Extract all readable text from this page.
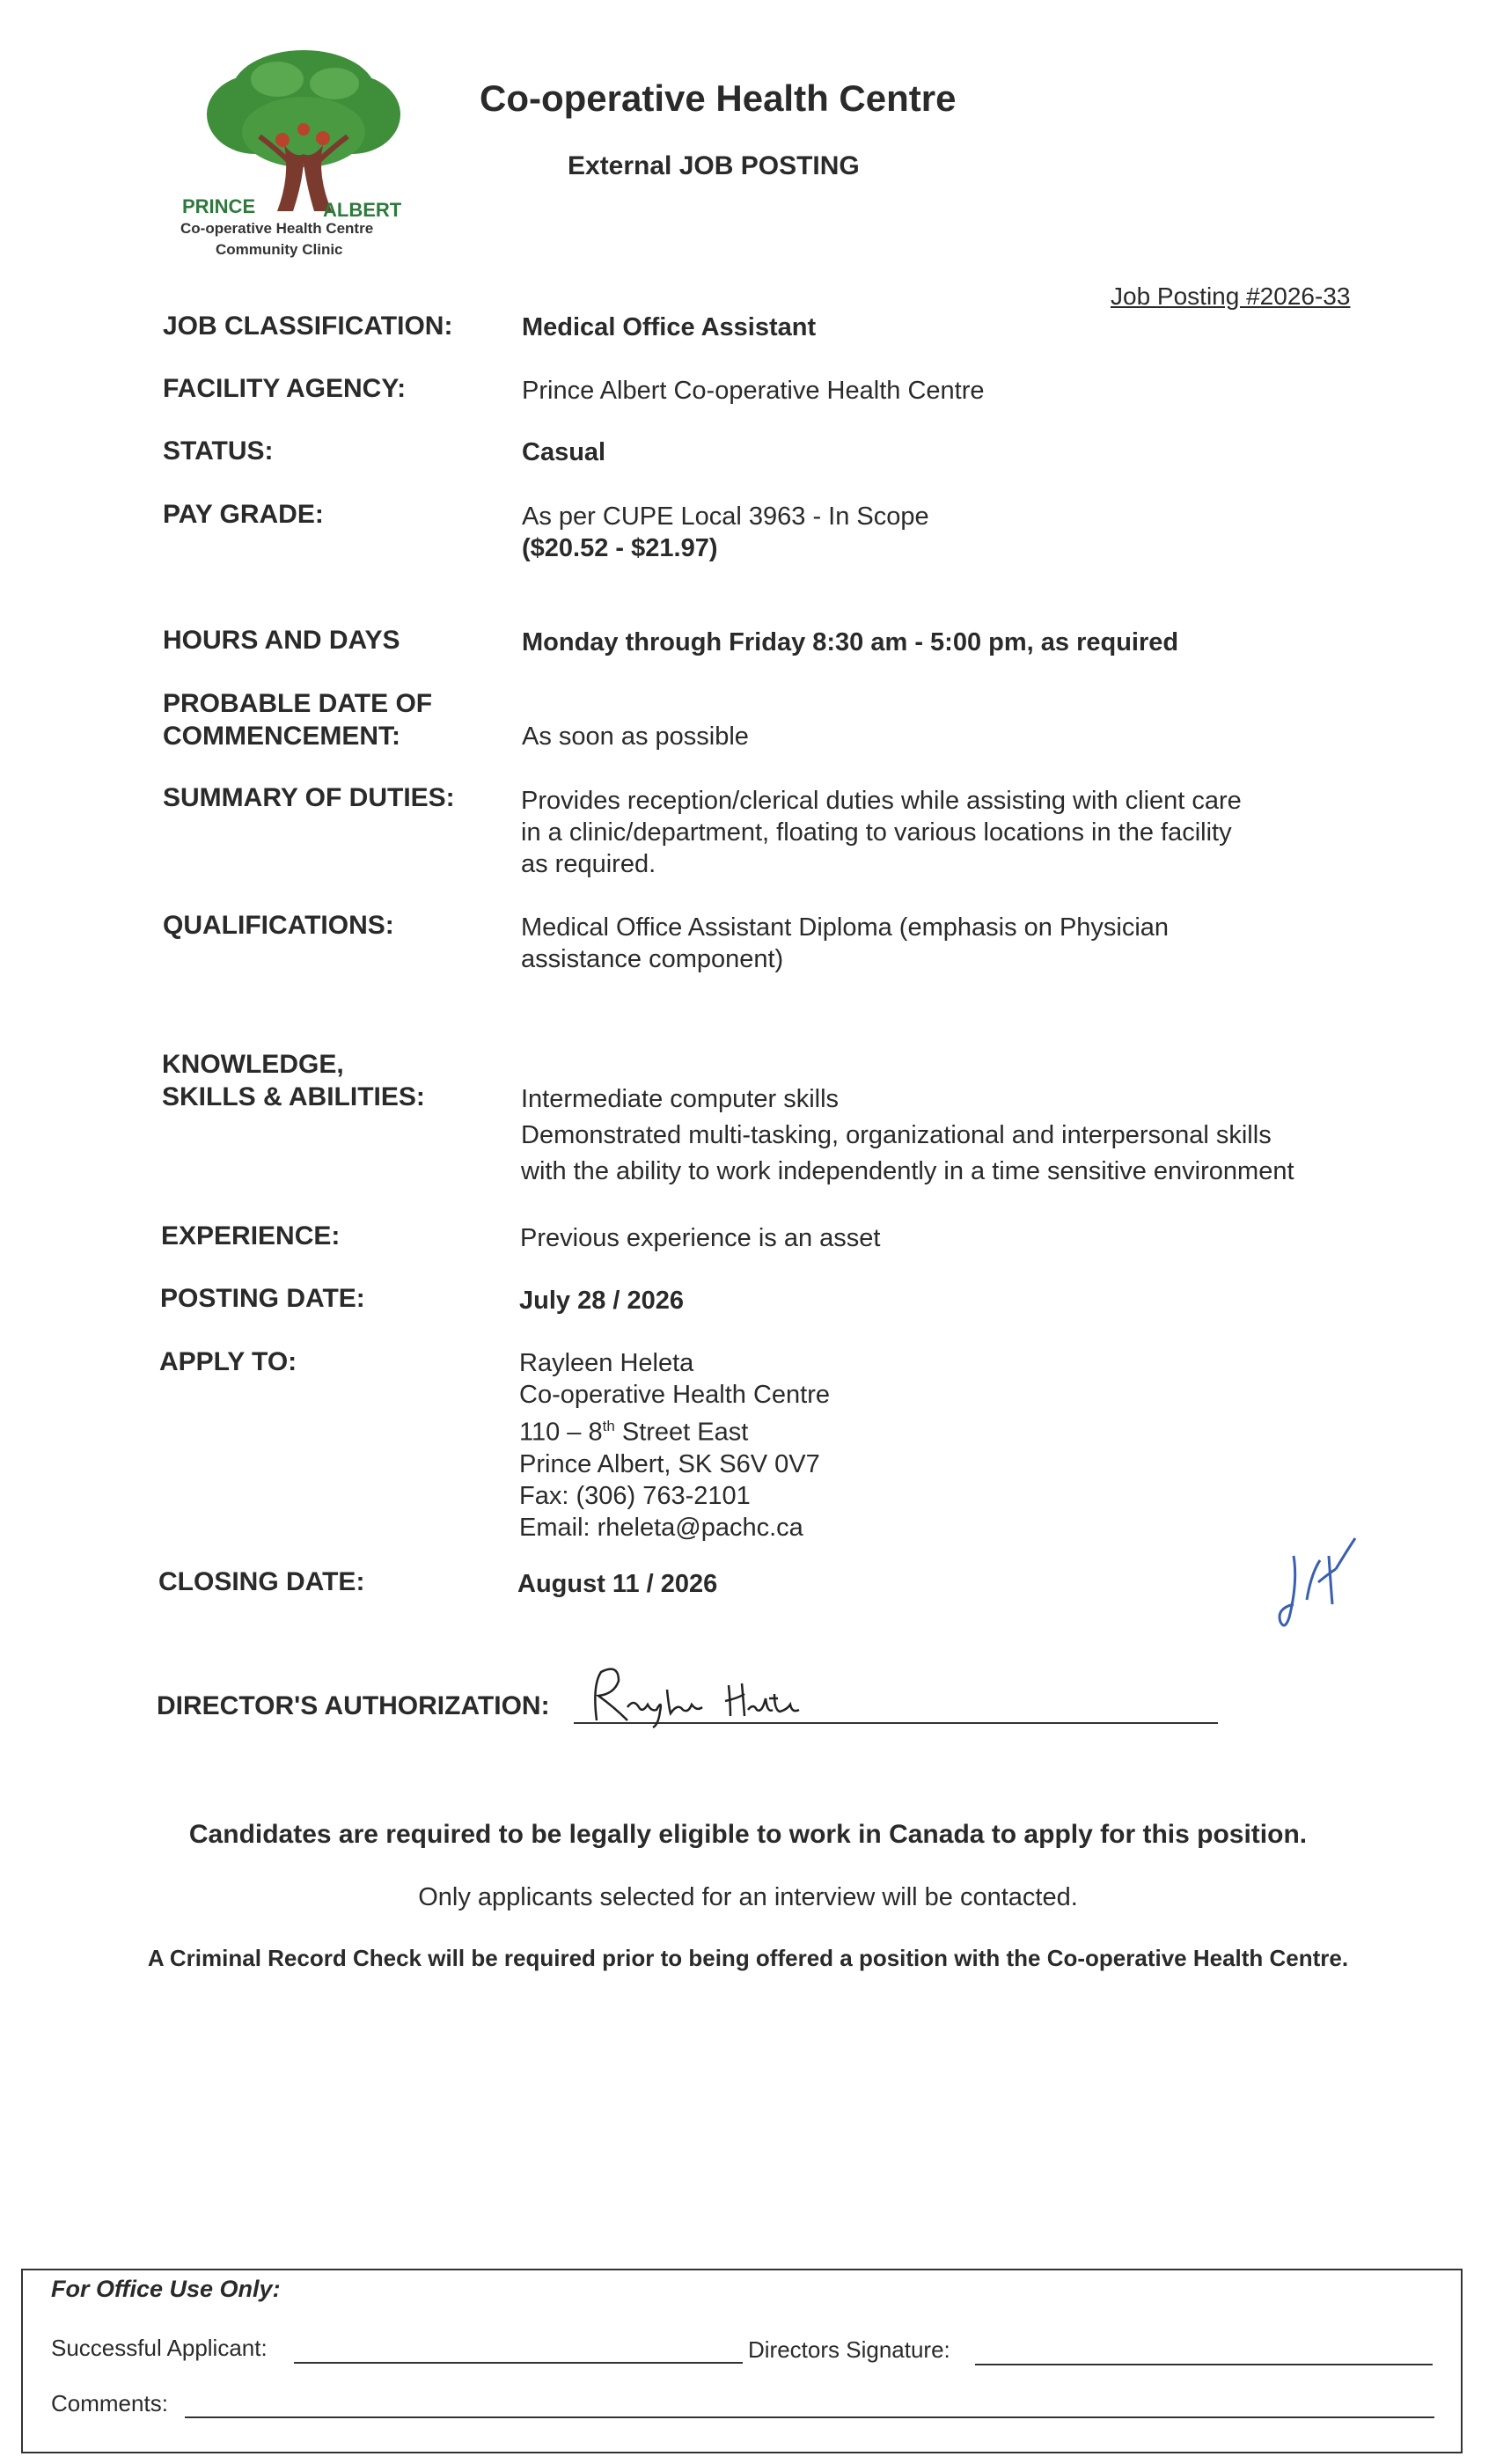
PRINCE	ALBERT
Co-operative Health Centre
Community Clinic
Co-operative Health Centre
External JOB POSTING
Job Posting #2026-33
JOB CLASSIFICATION:	Medical Office Assistant
FACILITY AGENCY:	Prince Albert Co-operative Health Centre
STATUS:	Casual
PAY GRADE:	As per CUPE Local 3963 - In Scope
($20.52 - $21.97)
HOURS AND DAYS	Monday through Friday 8:30 am - 5:00 pm, as required
PROBABLE DATE OF
COMMENCEMENT:	As soon as possible
SUMMARY OF DUTIES:	Provides reception/clerical duties while assisting with client care
in a clinic/department, floating to various locations in the facility
as required.
QUALIFICATIONS:	Medical Office Assistant Diploma (emphasis on Physician
assistance component)
KNOWLEDGE,
SKILLS & ABILITIES:	Intermediate computer skills
Demonstrated multi-tasking, organizational and interpersonal skills
with the ability to work independently in a time sensitive environment
EXPERIENCE:	Previous experience is an asset
POSTING DATE:	July 28 / 2026
APPLY TO:	Rayleen Heleta
Co-operative Health Centre
110 – 8th Street East
Prince Albert, SK S6V 0V7
Fax: (306) 763-2101
Email: rheleta@pachc.ca
CLOSING DATE:	August 11 / 2026
DIRECTOR'S AUTHORIZATION:
Candidates are required to be legally eligible to work in Canada to apply for this position.
Only applicants selected for an interview will be contacted.
A Criminal Record Check will be required prior to being offered a position with the Co-operative Health Centre.
For Office Use Only:
Successful Applicant:	Directors Signature:
Comments:
